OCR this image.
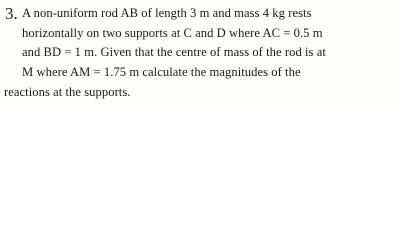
3. A non-uniform rod AB of length 3 m and mass 4 kg rests
horizontally on two supports at C and D where AC = 0.5 m
and BD = 1 m. Given that the centre of mass of the rod is at
M where AM = 1.75 m calculate the magnitudes of the
reactions at the supports.
